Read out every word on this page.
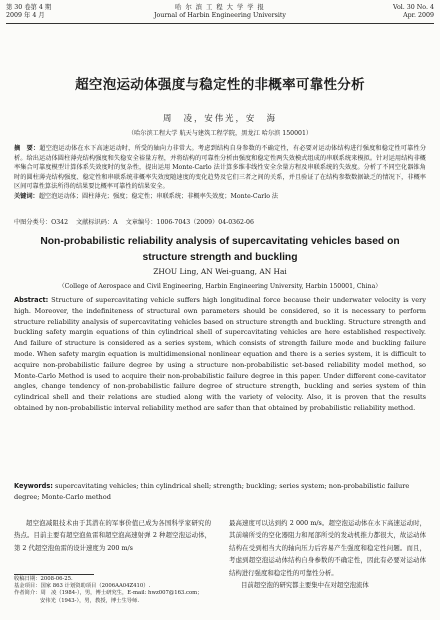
第 30 卷第 4 期
2009 年 4 月
哈 尔 滨 工 程 大 学 学 报
Journal of Harbin Engineering University
Vol. 30 No. 4
Apr. 2009
超空泡运动体强度与稳定性的非概率可靠性分析
周　凌，安伟光，安　海
（哈尔滨工程大学 航天与建筑工程学院，黑龙江 哈尔滨 150001）
摘　要：超空泡运动体在水下高速运动时，所受的轴向力非常大。考虑到结构自身参数的不确定性，有必要对运动体结构进行强度和稳定性可靠性分析。给出运动体圆柱薄壳结构强度和失稳安全裕量方程，并将结构的可靠性分析由强度和稳定性两失效模式组成的串联系统来模拟。针对运用结构非概率集合可靠度模型计算体系失效度时的复杂性，提出运用 Monte-Carlo 法计算多维非线性安全余量方程及串联系统的失效度。分析了不同空化器锥角时的圆柱薄壳结构强度、稳定性和串联系统非概率失效度随速度的变化趋势及它们三者之间的关系，并且验证了在结构参数数据缺乏的情况下，非概率区间可靠性算法所得的结果要比概率可靠性的结果安全。
关键词：超空泡运动体；圆柱薄壳；强度；稳定性；串联系统；非概率失效度；Monte-Carlo 法
中图分类号：O342 文献标识码：A 文章编号：1006-7043（2009）04-0362-06
Non-probabilistic reliability analysis of supercavitating vehicles based on structure strength and buckling
ZHOU Ling, AN Wei-guang, AN Hai
（College of Aerospace and Civil Engineering, Harbin Engineering University, Harbin 150001, China）
Abstract: Structure of supercavitating vehicle suffers high longitudinal force because their underwater velocity is very high. Moreover, the indefiniteness of structural own parameters should be considered, so it is necessary to perform structure reliability analysis of supercavitating vehicles based on structure strength and buckling. Structure strength and buckling safety margin equations of thin cylindrical shell of supercavitating vehicles are here established respectively. And failure of structure is considered as a series system, which consists of strength failure mode and buckling failure mode. When safety margin equation is multidimensional nonlinear equation and there is a series system, it is difficult to acquire non-probabilistic failure degree by using a structure non-probabilistic set-based reliability model method, so Monte-Carlo Method is used to acquire their non-probabilistic failure degree in this paper. Under different cone-cavitator angles, change tendency of non-probabilistic failure degree of structure strength, buckling and series system of thin cylindrical shell and their relations are studied along with the variety of velocity. Also, it is proven that the results obtained by non-probabilistic interval reliability method are safer than that obtained by probabilistic reliability method.
Keywords: supercavitating vehicles; thin cylindrical shell; strength; buckling; series system; non-probabilistic failure degree; Monte-Carlo method

超空泡减阻技术由于其潜在的军事价值已成为各国科学家研究的热点。目前主要有超空泡鱼雷和超空泡高速射弹 2 种超空泡运动体，第 2 代超空泡鱼雷的设计速度为 200 m/s

最高速度可以达到约 2 000 m/s。超空泡运动体在水下高速运动时，其前端所受的空化器阻力和尾部所受的发动机推力都很大，故运动体结构在受到相当大的轴向压力后容易产生强度和稳定性问题。而且，考虑到超空泡运动体结构自身参数的不确定性，因此有必要对运动体结构进行强度和稳定性的可靠性分析。

目前超空泡的研究都主要集中在对超空泡流体

收稿日期：2008-06-25.
基金项目：国家 863 计划资助项目（2006AA04Z410）.
作者简介：周　凌（1984-），男，博士研究生，E-mail: hwz007@163.com；
安伟光（1943-），男，教授，博士生导师.
